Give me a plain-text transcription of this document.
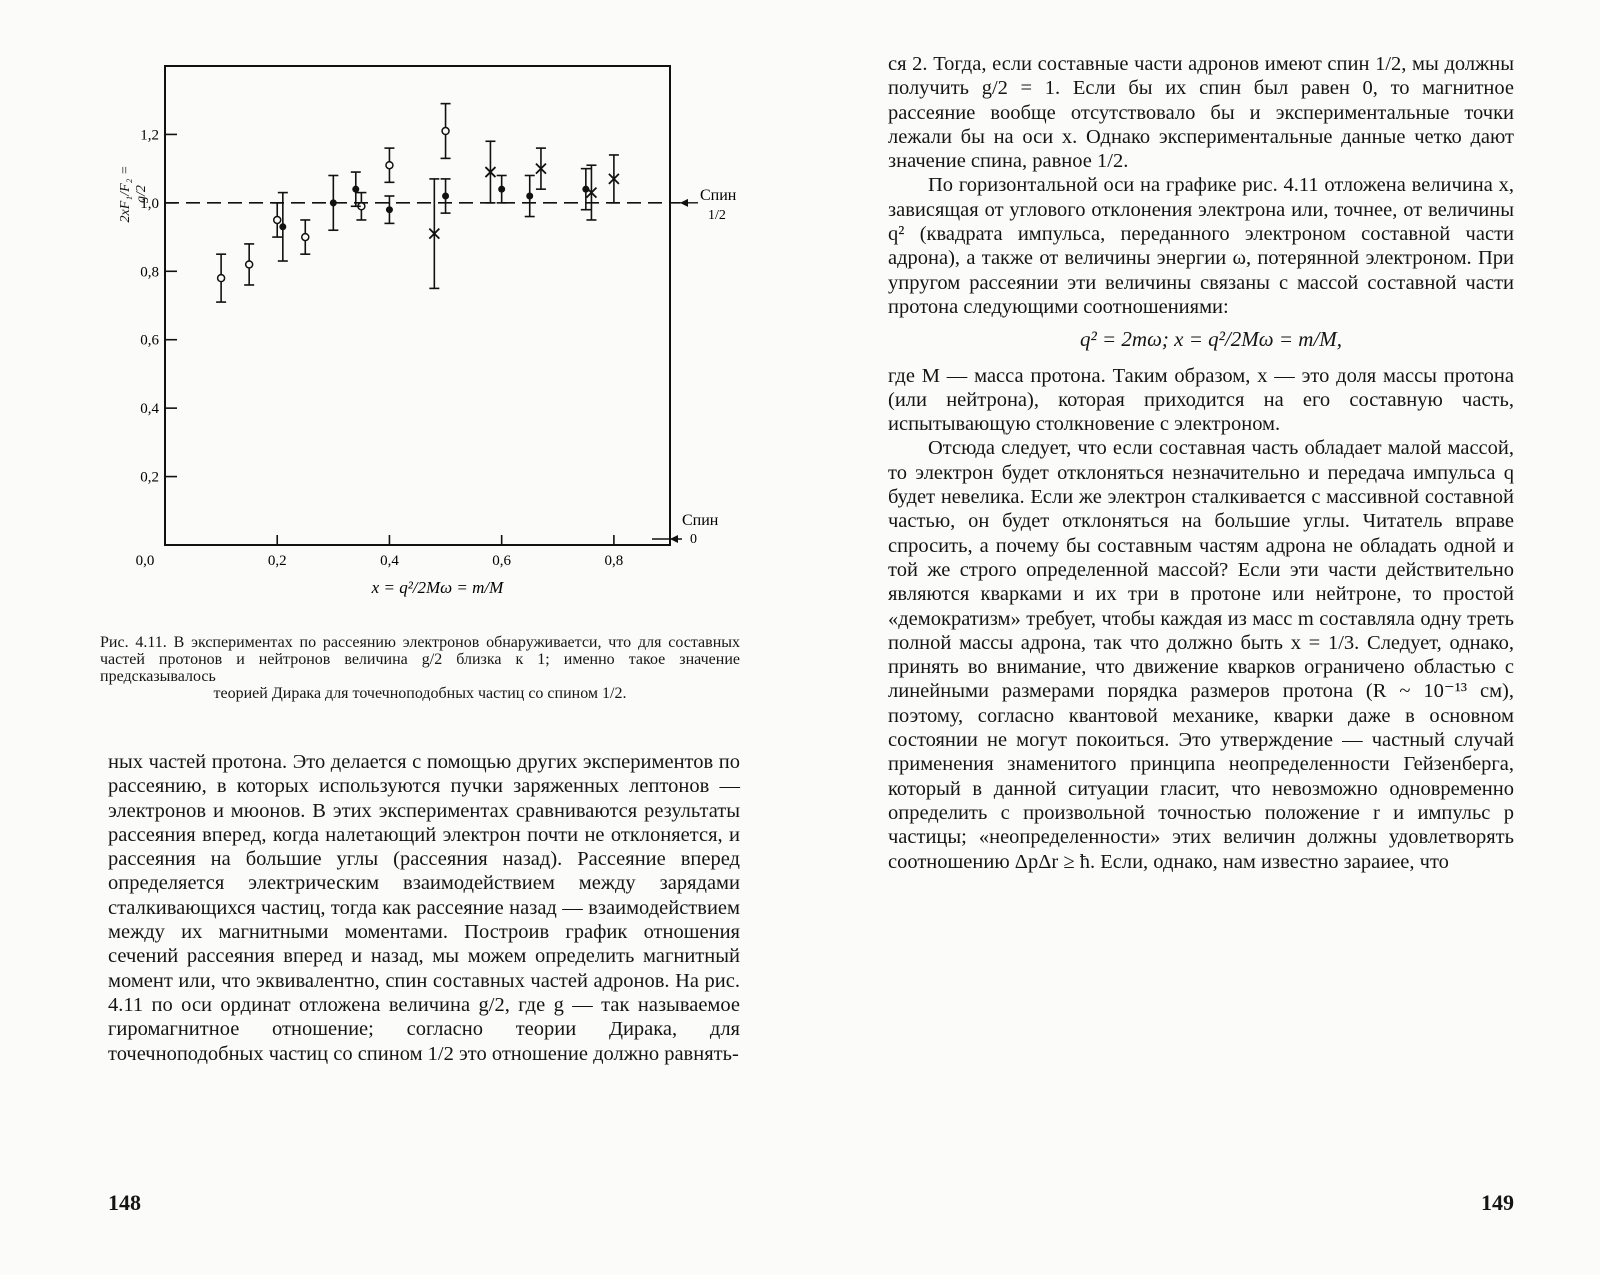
2xF₁/F₂ = g/2
0,2
0,4
0,6
0,8
1,0
1,2
0,0	0,2	0,4	0,6	0,8
x = q²/2Mω = m/M
Спин
1/2
Спин
0
Рис. 4.11. В экспериментах по рассеянию электронов обнаруживаетси, что для составных частей протонов и нейтронов величина g/2 близка к 1; именно такое значение предсказывалось
теорией Дирака для точечноподобных частиц со спином 1/2.

ных частей протона. Это делается с помощью других экспериментов по рассеянию, в которых используются пучки заряженных лептонов — электронов и мюонов. В этих экспериментах сравниваются результаты рассеяния вперед, когда налетающий электрон почти не отклоняется, и рассеяния на большие углы (рассеяния назад). Рассеяние вперед определяется электрическим взаимодействием между зарядами сталкивающихся частиц, тогда как рассеяние назад — взаимодействием между их магнитными моментами. Построив график отношения сечений рассеяния вперед и назад, мы можем определить магнитный момент или, что эквивалентно, спин составных частей адронов. На рис. 4.11 по оси ординат отложена величина g/2, где g — так называемое гиромагнитное отношение; согласно теории Дирака, для точечноподобных частиц со спином 1/2 это отношение должно равнять-

148

ся 2. Тогда, если составные части адронов имеют спин 1/2, мы должны получить g/2 = 1. Если бы их спин был равен 0, то магнитное рассеяние вообще отсутствовало бы и экспериментальные точки лежали бы на оси x. Однако экспериментальные данные четко дают значение спина, равное 1/2.

По горизонтальной оси на графике рис. 4.11 отложена величина x, зависящая от углового отклонения электрона или, точнее, от величины q² (квадрата импульса, переданного электроном составной части адрона), а также от величины энергии ω, потерянной электроном. При упругом рассеянии эти величины связаны с массой составной части протона следующими соотношениями:

q² = 2mω; x = q²/2Mω = m/M,

где M — масса протона. Таким образом, x — это доля массы протона (или нейтрона), которая приходится на его составную часть, испытывающую столкновение с электроном.

Отсюда следует, что если составная часть обладает малой массой, то электрон будет отклоняться незначительно и передача импульса q будет невелика. Если же электрон сталкивается с массивной составной частью, он будет отклоняться на большие углы. Читатель вправе спросить, а почему бы составным частям адрона не обладать одной и той же строго определенной массой? Если эти части действительно являются кварками и их три в протоне или нейтроне, то простой «демократизм» требует, чтобы каждая из масс m составляла одну треть полной массы адрона, так что должно быть x = 1/3. Следует, однако, принять во внимание, что движение кварков ограничено областью с линейными размерами порядка размеров протона (R ~ 10⁻¹³ см), поэтому, согласно квантовой механике, кварки даже в основном состоянии не могут покоиться. Это утверждение — частный случай применения знаменитого принципа неопределенности Гейзенберга, который в данной ситуации гласит, что невозможно одновременно определить с произвольной точностью положение r и импульс p частицы; «неопределенности» этих величин должны удовлетворять соотношению ΔpΔr ≥ ħ. Если, однако, нам известно зараиее, что

149
